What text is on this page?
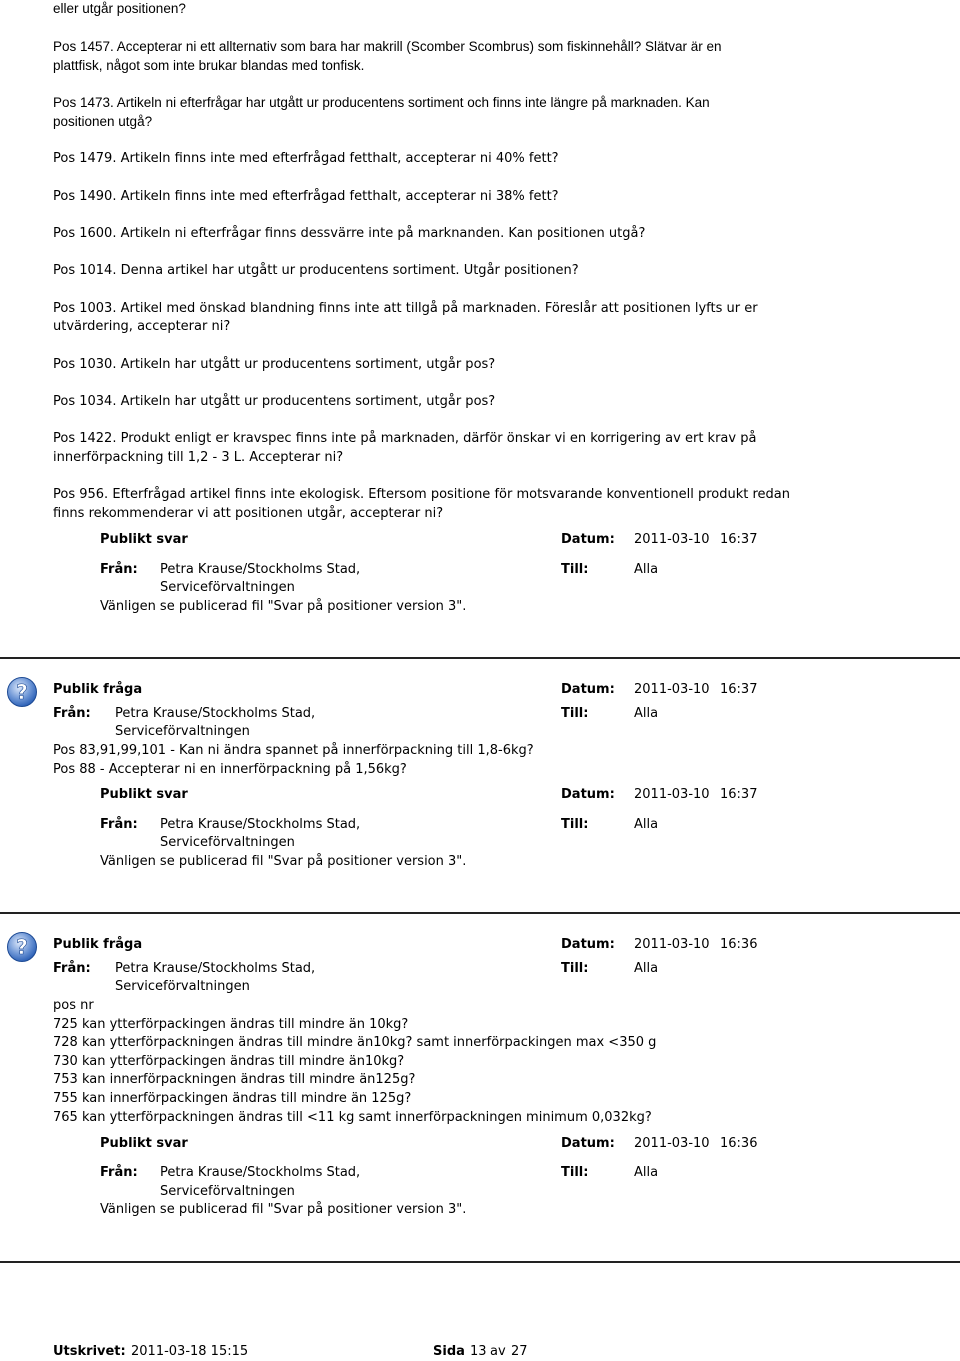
eller utgår positionen?
Pos 1457. Accepterar ni ett allternativ som bara har makrill (Scomber Scombrus) som fiskinnehåll? Slätvar är en
plattfisk, något som inte brukar blandas med tonfisk.
Pos 1473. Artikeln ni efterfrågar har utgått ur producentens sortiment och finns inte längre på marknaden. Kan
positionen utgå?
Pos 1479. Artikeln finns inte med efterfrågad fetthalt, accepterar ni 40% fett?
Pos 1490. Artikeln finns inte med efterfrågad fetthalt, accepterar ni 38% fett?
Pos 1600. Artikeln ni efterfrågar finns dessvärre inte på marknanden. Kan positionen utgå?
Pos 1014. Denna artikel har utgått ur producentens sortiment. Utgår positionen?
Pos 1003. Artikel med önskad blandning finns inte att tillgå på marknaden. Föreslår att positionen lyfts ur er
utvärdering, accepterar ni?
Pos 1030. Artikeln har utgått ur producentens sortiment, utgår pos?
Pos 1034. Artikeln har utgått ur producentens sortiment, utgår pos?
Pos 1422. Produkt enligt er kravspec finns inte på marknaden, därför önskar vi en korrigering av ert krav på
innerförpackning till 1,2 - 3 L. Accepterar ni?
Pos 956. Efterfrågad artikel finns inte ekologisk. Eftersom positione för motsvarande konventionell produkt redan
finns rekommenderar vi att positionen utgår, accepterar ni?
Publikt svar	Datum: 2011-03-10 16:37
Från: Petra Krause/Stockholms Stad,
Serviceförvaltningen
Till:	Alla
Vänligen se publicerad fil "Svar på positioner version 3".
? Publik fråga	Datum: 2011-03-10 16:37
Från: Petra Krause/Stockholms Stad,
Serviceförvaltningen
Till:	Alla
Pos 83,91,99,101 - Kan ni ändra spannet på innerförpackning till 1,8-6kg?
Pos 88 - Accepterar ni en innerförpackning på 1,56kg?
Publikt svar	Datum: 2011-03-10 16:37
Från: Petra Krause/Stockholms Stad,
Serviceförvaltningen
Till:	Alla
Vänligen se publicerad fil "Svar på positioner version 3".
? Publik fråga	Datum: 2011-03-10 16:36
Från: Petra Krause/Stockholms Stad,
Serviceförvaltningen
Till:	Alla
pos nr
725 kan ytterförpackingen ändras till mindre än 10kg?
728 kan ytterförpackningen ändras till mindre än10kg? samt innerförpackingen max <350 g
730 kan ytterförpackingen ändras till mindre än10kg?
753 kan innerförpackningen ändras till mindre än125g?
755 kan innerförpackingen ändras till mindre än 125g?
765 kan ytterförpackningen ändras till <11 kg samt innerförpackningen minimum 0,032kg?
Publikt svar	Datum: 2011-03-10 16:36
Från: Petra Krause/Stockholms Stad,
Serviceförvaltningen
Till:	Alla
Vänligen se publicerad fil "Svar på positioner version 3".
Utskrivet: 2011-03-18 15:15	Sida 13 av 27
